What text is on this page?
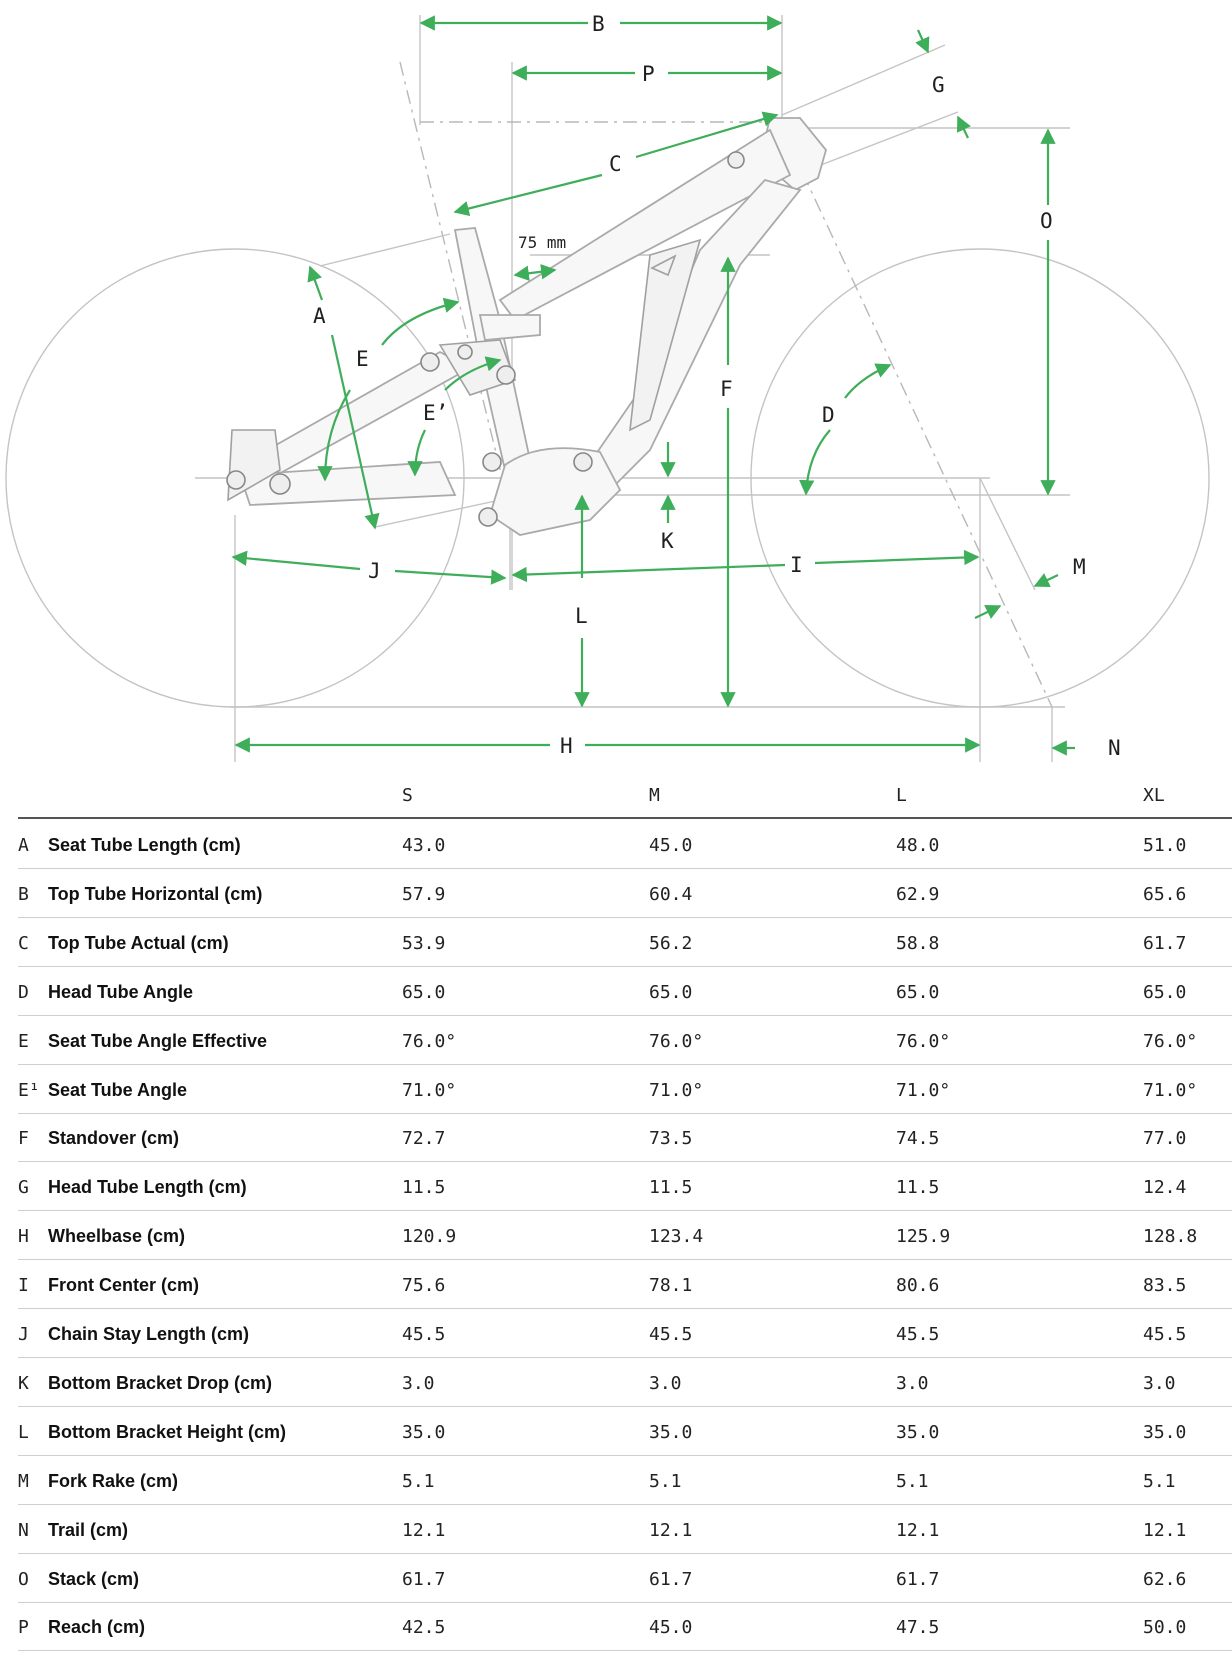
B
P	G
C
O
75 mm
A
E
F
E’	D
K
J	I	M
L
H	N
S	M	L	XL
A Seat Tube Length (cm)	43.0	45.0	48.0	51.0
B Top Tube Horizontal (cm)	57.9	60.4	62.9	65.6
C Top Tube Actual (cm)	53.9	56.2	58.8	61.7
D Head Tube Angle	65.0	65.0	65.0	65.0
E Seat Tube Angle Effective	76.0°	76.0°	76.0°	76.0°
E¹ Seat Tube Angle	71.0°	71.0°	71.0°	71.0°
F Standover (cm)	72.7	73.5	74.5	77.0
G Head Tube Length (cm)	11.5	11.5	11.5	12.4
H Wheelbase (cm)	120.9	123.4	125.9	128.8
I Front Center (cm)	75.6	78.1	80.6	83.5
J Chain Stay Length (cm)	45.5	45.5	45.5	45.5
K Bottom Bracket Drop (cm)	3.0	3.0	3.0	3.0
L Bottom Bracket Height (cm)	35.0	35.0	35.0	35.0
M Fork Rake (cm)	5.1	5.1	5.1	5.1
N Trail (cm)	12.1	12.1	12.1	12.1
O Stack (cm)	61.7	61.7	61.7	62.6
P Reach (cm)	42.5	45.0	47.5	50.0
